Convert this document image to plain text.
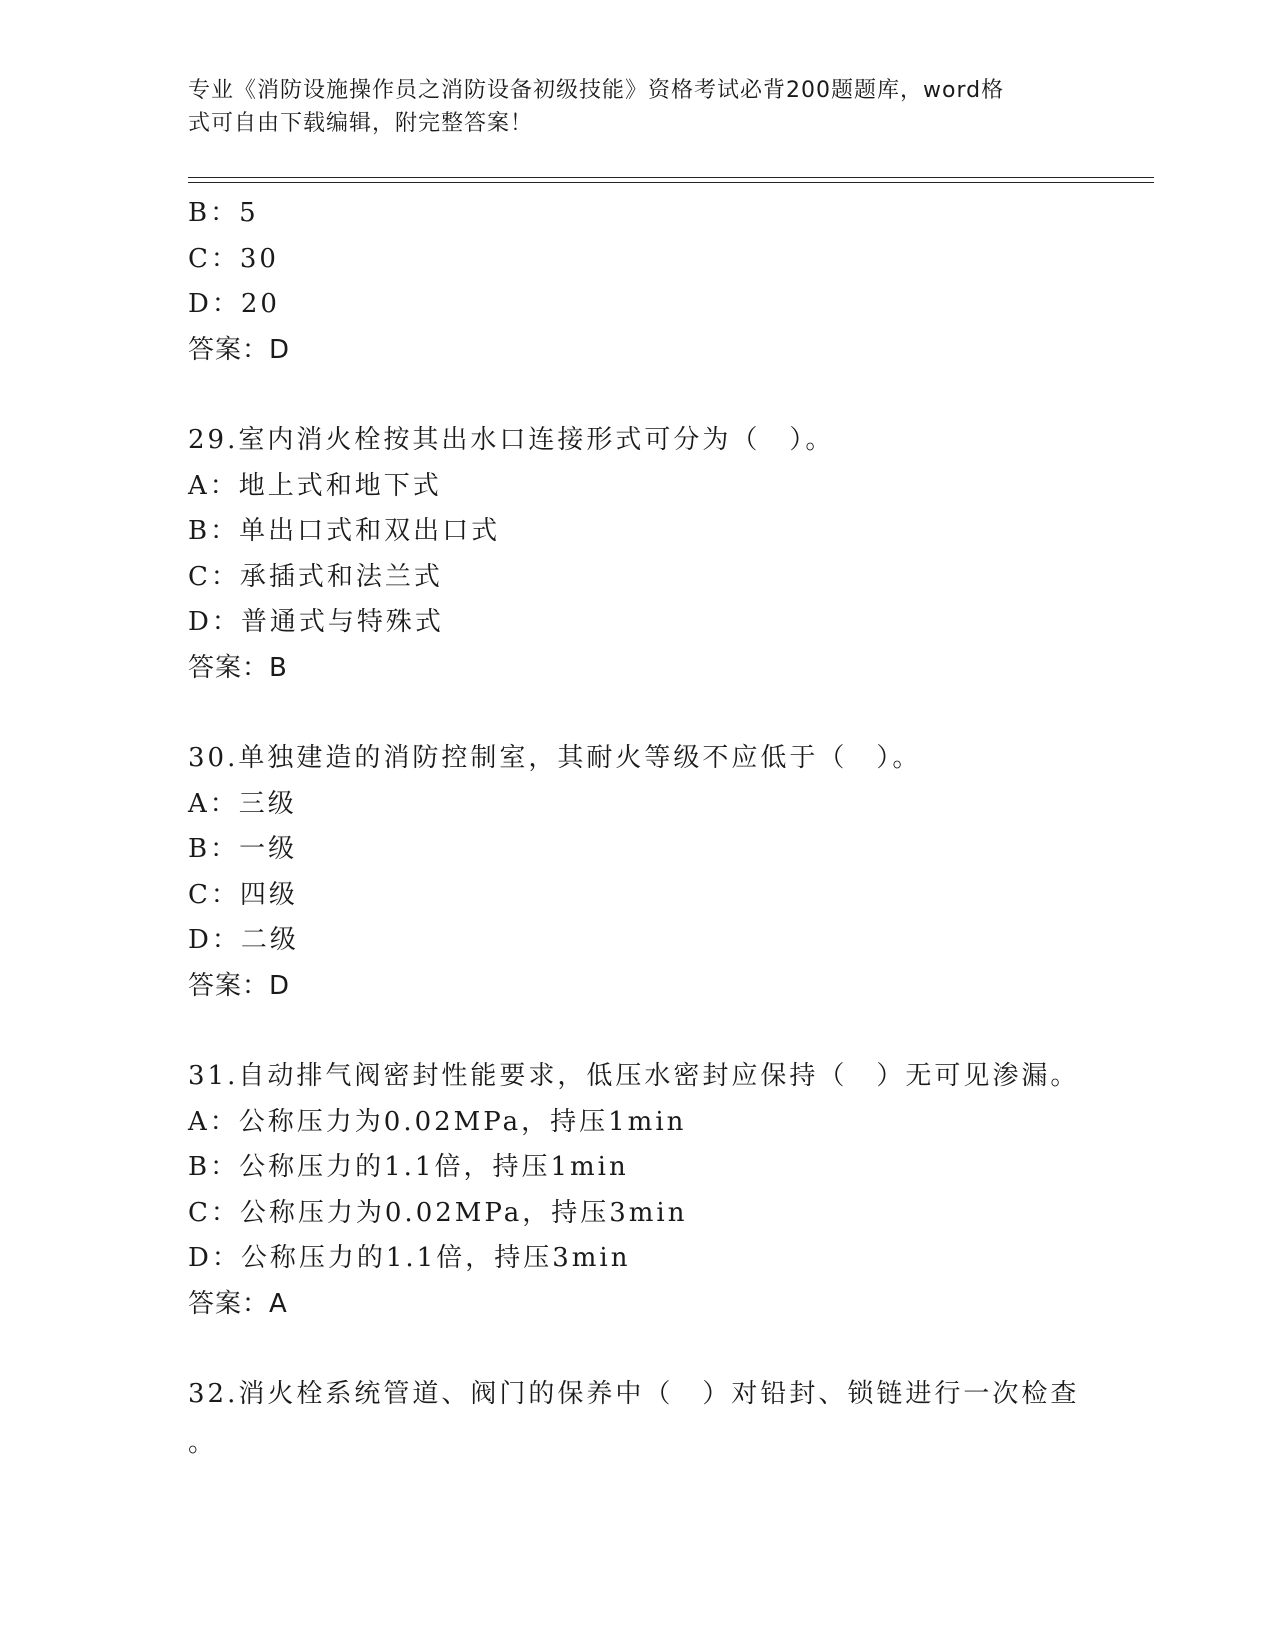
专业《消防设施操作员之消防设备初级技能》资格考试必背200题题库，word格
式可自由下载编辑，附完整答案！
B：5
C：30
D：20
答案：D
29.室内消火栓按其出水口连接形式可分为（　）。
A：地上式和地下式
B：单出口式和双出口式
C：承插式和法兰式
D：普通式与特殊式
答案：B
30.单独建造的消防控制室，其耐火等级不应低于（　）。
A：三级
B：一级
C：四级
D：二级
答案：D
31.自动排气阀密封性能要求，低压水密封应保持（　）无可见渗漏。
A：公称压力为0.02MPa，持压1min
B：公称压力的1.1倍，持压1min
C：公称压力为0.02MPa，持压3min
D：公称压力的1.1倍，持压3min
答案：A
32.消火栓系统管道、阀门的保养中（　）对铅封、锁链进行一次检查
。
